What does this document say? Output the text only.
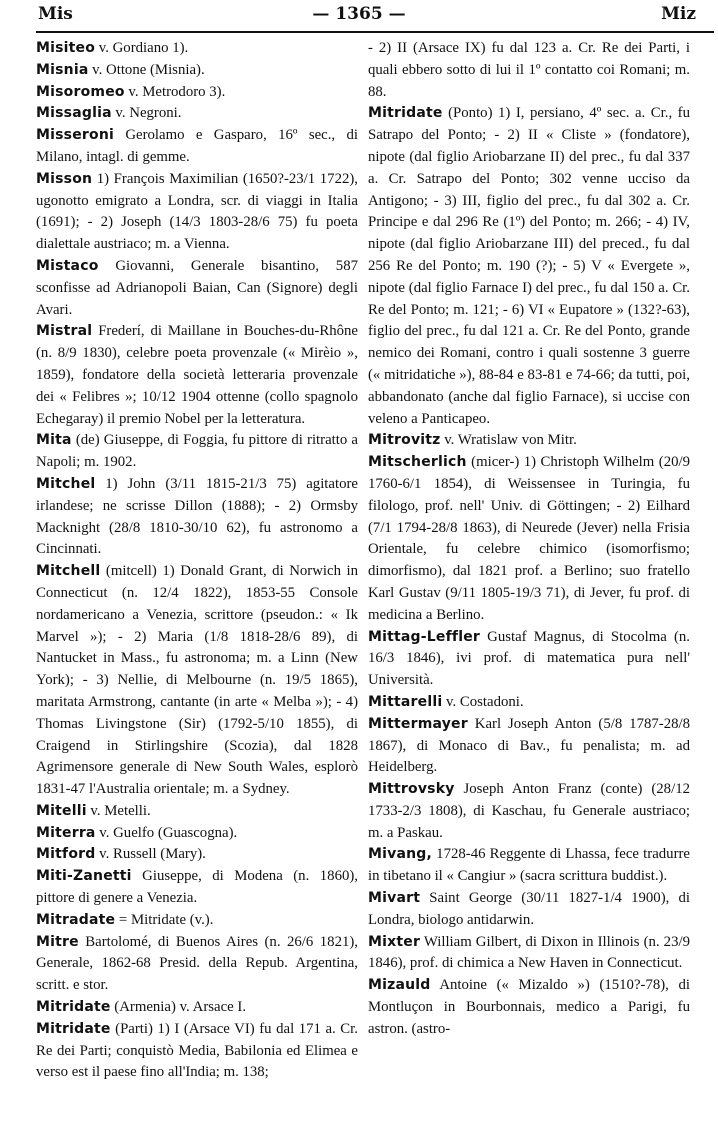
Mis	— 1365 —	Miz

Misiteo v. Gordiano 1).

Misnia v. Ottone (Misnia).

Misoromeo v. Metrodoro 3).

Missaglia v. Negroni.

Misseroni Gerolamo e Gasparo, 16º sec., di Milano, intagl. di gemme.

Misson 1) François Maximilian (1650?-23/1 1722), ugonotto emigrato a Londra, scr. di viaggi in Italia (1691); - 2) Joseph (14/3 1803-28/6 75) fu poeta dialettale austriaco; m. a Vienna.

Mistaco Giovanni, Generale bisantino, 587 sconfisse ad Adrianopoli Baian, Can (Signore) degli Avari.

Mistral Frederí, di Maillane in Bouches-du-Rhône (n. 8/9 1830), celebre poeta provenzale (« Mirèio », 1859), fondatore della società letteraria provenzale dei « Felibres »; 10/12 1904 ottenne (collo spagnolo Echegaray) il premio Nobel per la letteratura.

Mita (de) Giuseppe, di Foggia, fu pittore di ritratto a Napoli; m. 1902.

Mitchel 1) John (3/11 1815-21/3 75) agitatore irlandese; ne scrisse Dillon (1888); - 2) Ormsby Macknight (28/8 1810-30/10 62), fu astronomo a Cincinnati.

Mitchell (mitcell) 1) Donald Grant, di Norwich in Connecticut (n. 12/4 1822), 1853-55 Console nordamericano a Venezia, scrittore (pseudon.: « Ik Marvel »); - 2) Maria (1/8 1818-28/6 89), di Nantucket in Mass., fu astronoma; m. a Linn (New York); - 3) Nellie, di Melbourne (n. 19/5 1865), maritata Armstrong, cantante (in arte « Melba »); - 4) Thomas Livingstone (Sir) (1792-5/10 1855), di Craigend in Stirlingshire (Scozia), dal 1828 Agrimensore generale di New South Wales, esplorò 1831-47 l'Australia orientale; m. a Sydney.

Mitelli v. Metelli.

Miterra v. Guelfo (Guascogna).

Mitford v. Russell (Mary).

Miti-Zanetti Giuseppe, di Modena (n. 1860), pittore di genere a Venezia.

Mitradate = Mitridate (v.).

Mitre Bartolomé, di Buenos Aires (n. 26/6 1821), Generale, 1862-68 Presid. della Repub. Argentina, scritt. e stor.

Mitridate (Armenia) v. Arsace I.

Mitridate (Parti) 1) I (Arsace VI) fu dal 171 a. Cr. Re dei Parti; conquistò Media, Babilonia ed Elimea e verso est il paese fino all'India; m. 138;

- 2) II (Arsace IX) fu dal 123 a. Cr. Re dei Parti, i quali ebbero sotto di lui il 1º contatto coi Romani; m. 88.

Mitridate (Ponto) 1) I, persiano, 4º sec. a. Cr., fu Satrapo del Ponto; - 2) II « Cliste » (fondatore), nipote (dal figlio Ariobarzane II) del prec., fu dal 337 a. Cr. Satrapo del Ponto; 302 venne ucciso da Antigono; - 3) III, figlio del prec., fu dal 302 a. Cr. Principe e dal 296 Re (1º) del Ponto; m. 266; - 4) IV, nipote (dal figlio Ariobarzane III) del preced., fu dal 256 Re del Ponto; m. 190 (?); - 5) V « Evergete », nipote (dal figlio Farnace I) del prec., fu dal 150 a. Cr. Re del Ponto; m. 121; - 6) VI « Eupatore » (132?-63), figlio del prec., fu dal 121 a. Cr. Re del Ponto, grande nemico dei Romani, contro i quali sostenne 3 guerre (« mitridatiche »), 88-84 e 83-81 e 74-66; da tutti, poi, abbandonato (anche dal figlio Farnace), si uccise con veleno a Panticapeo.

Mitrovitz v. Wratislaw von Mitr.

Mitscherlich (micer-) 1) Christoph Wilhelm (20/9 1760-6/1 1854), di Weissensee in Turingia, fu filologo, prof. nell' Univ. di Göttingen; - 2) Eilhard (7/1 1794-28/8 1863), di Neurede (Jever) nella Frisia Orientale, fu celebre chimico (isomorfismo; dimorfismo), dal 1821 prof. a Berlino; suo fratello Karl Gustav (9/11 1805-19/3 71), di Jever, fu prof. di medicina a Berlino.

Mittag-Leffler Gustaf Magnus, di Stocolma (n. 16/3 1846), ivi prof. di matematica pura nell' Università.

Mittarelli v. Costadoni.

Mittermayer Karl Joseph Anton (5/8 1787-28/8 1867), di Monaco di Bav., fu penalista; m. ad Heidelberg.

Mittrovsky Joseph Anton Franz (conte) (28/12 1733-2/3 1808), di Kaschau, fu Generale austriaco; m. a Paskau.

Mivang, 1728-46 Reggente di Lhassa, fece tradurre in tibetano il « Cangiur » (sacra scrittura buddist.).

Mivart Saint George (30/11 1827-1/4 1900), di Londra, biologo antidarwin.

Mixter William Gilbert, di Dixon in Illinois (n. 23/9 1846), prof. di chimica a New Haven in Connecticut.

Mizauld Antoine (« Mizaldo ») (1510?-78), di Montluçon in Bourbonnais, medico a Parigi, fu astron. (astro-
